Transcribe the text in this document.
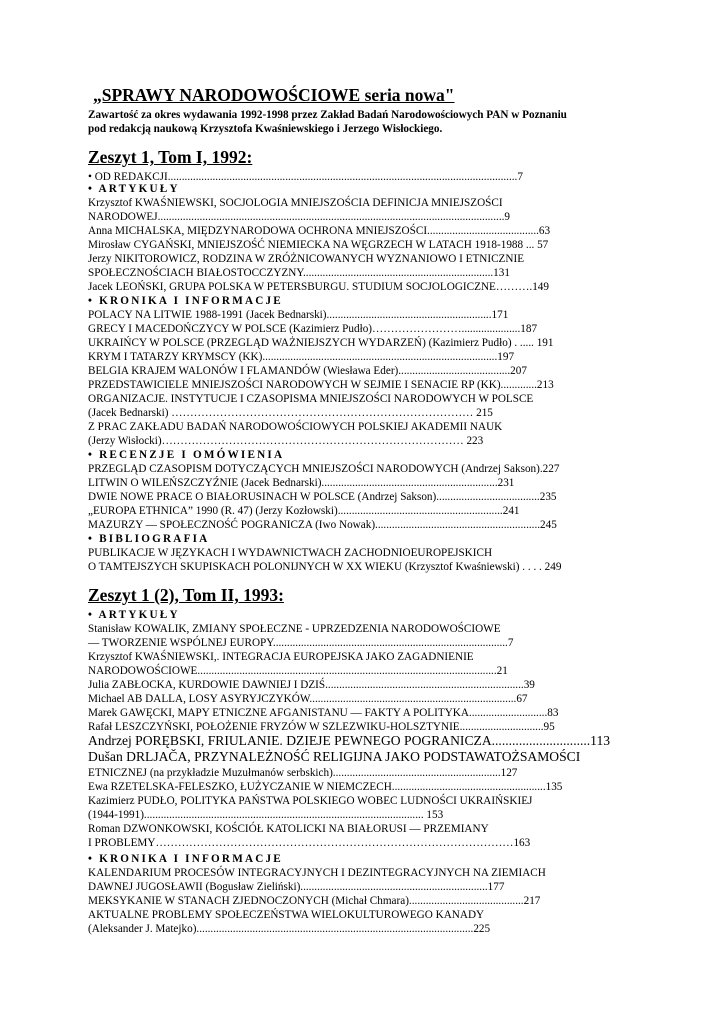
„SPRAWY NARODOWOŚCIOWE seria nowa"
Zawartość za okres wydawania 1992-1998 przez Zakład Badań Narodowościowych PAN w Poznaniu
pod redakcją naukową Krzysztofa Kwaśniewskiego i Jerzego Wisłockiego.
Zeszyt 1, Tom I, 1992:
• OD REDAKCJI.............................................................................................................................7
• ARTYKUŁY
Krzysztof KWAŚNIEWSKI, SOCJOLOGIA MNIEJSZOŚCIA DEFINICJA MNIEJSZOŚCI
NARODOWEJ............................................................................................................................9
Anna MICHALSKA, MIĘDZYNARODOWA OCHRONA MNIEJSZOŚCI........................................63
Mirosław CYGAŃSKI, MNIEJSZOŚĆ NIEMIECKA NA WĘGRZECH W LATACH 1918-1988 ... 57
Jerzy NIKITOROWICZ, RODZINA W ZRÓŻNICOWANYCH WYZNANIOWO I ETNICZNIE
SPOŁECZNOŚCIACH BIAŁOSTOCCZYZNY....................................................................131
Jacek LEOŃSKI, GRUPA POLSKA W PETERSBURGU. STUDIUM SOCJOLOGICZNE……….149
• KRONIKA I INFORMACJE
POLACY NA LITWIE 1988-1991 (Jacek Bednarski)...........................................................171
GRECY I MACEDOŃCZYCY W POLSCE (Kazimierz Pudło)…………………….....................187
UKRAIŃCY W POLSCE (PRZEGLĄD WAŻNIEJSZYCH WYDARZEŃ) (Kazimierz Pudło) . ..... 191
KRYM I TATARZY KRYMSCY (KK)....................................................................................197
BELGIA KRAJEM WALONÓW I FLAMANDÓW (Wiesława Eder)........................................207
PRZEDSTAWICIELE MNIEJSZOŚCI NARODOWYCH W SEJMIE I SENACIE RP (KK).............213
ORGANIZACJE. INSTYTUCJE I CZASOPISMA MNIEJSZOŚCI NARODOWYCH W POLSCE
(Jacek Bednarski) ……………………………………………………………………… 215
Z PRAC ZAKŁADU BADAŃ NARODOWOŚCIOWYCH POLSKIEJ AKADEMII NAUK
(Jerzy Wisłocki)……………………………………………………………………… 223
• RECENZJE I OMÓWIENIA
PRZEGLĄD CZASOPISM DOTYCZĄCYCH MNIEJSZOŚCI NARODOWYCH (Andrzej Sakson).227
LITWIN O WILEŃSZCZYŹNIE (Jacek Bednarski)...............................................................231
DWIE NOWE PRACE O BIAŁORUSINACH W POLSCE (Andrzej Sakson).....................................235
„EUROPA ETHNICA” 1990 (R. 47) (Jerzy Kozłowski)...........................................................241
MAZURZY — SPOŁECZNOŚĆ POGRANICZA (Iwo Nowak)...........................................................245
• BIBLIOGRAFIA
PUBLIKACJE W JĘZYKACH I WYDAWNICTWACH ZACHODNIOEUROPEJSKICH
O TAMTEJSZYCH SKUPISKACH POLONIJNYCH W XX WIEKU (Krzysztof Kwaśniewski) . . . . 249
Zeszyt 1 (2), Tom II, 1993:
• ARTYKUŁY
Stanisław KOWALIK, ZMIANY SPOŁECZNE - UPRZEDZENIA NARODOWOŚCIOWE
— TWORZENIE WSPÓLNEJ EUROPY....................................................................................7
Krzysztof KWAŚNIEWSKI,. INTEGRACJA EUROPEJSKA JAKO ZAGADNIENIE
NARODOWOŚCIOWE...........................................................................................................21
Julia ZABŁOCKA, KURDOWIE DAWNIEJ I DZIŚ.......................................................................39
Michael AB DALLA, LOSY ASYRYJCZYKÓW..........................................................................67
Marek GAWĘCKI, MAPY ETNICZNE AFGANISTANU — FAKTY A POLITYKA............................83
Rafał LESZCZYŃSKI, POŁOŻENIE FRYZÓW W SZLEZWIKU-HOLSZTYNIE..............................95
Andrzej PORĘBSKI, FRIULANIE. DZIEJE PEWNEGO POGRANICZA.............................113
Dušan DRLJAČA, PRZYNALEŻNOŚĆ RELIGIJNA JAKO PODSTAWATOŻSAMOŚCI
ETNICZNEJ (na przykładzie Muzułmanów serbskich)............................................................127
Ewa RZETELSKA-FELESZKO, ŁUŻYCZANIE W NIEMCZECH.......................................................135
Kazimierz PUDŁO, POLITYKA PAŃSTWA POLSKIEGO WOBEC LUDNOŚCI UKRAIŃSKIEJ
(1944-1991).................................................................................................... 153
Roman DZWONKOWSKI, KOŚCIÓŁ KATOLICKI NA BIAŁORUSI — PRZEMIANY
I PROBLEMY……………………………………………………………………………………163
• KRONIKA I INFORMACJE
KALENDARIUM PROCESÓW INTEGRACYJNYCH I DEZINTEGRACYJNYCH NA ZIEMIACH
DAWNEJ JUGOSŁAWII (Bogusław Zieliński)...................................................................177
MEKSYKANIE W STANACH ZJEDNOCZONYCH (Michał Chmara).........................................217
AKTUALNE PROBLEMY SPOŁECZEŃSTWA WIELOKULTUROWEGO KANADY
(Aleksander J. Matejko)...................................................................................................225
